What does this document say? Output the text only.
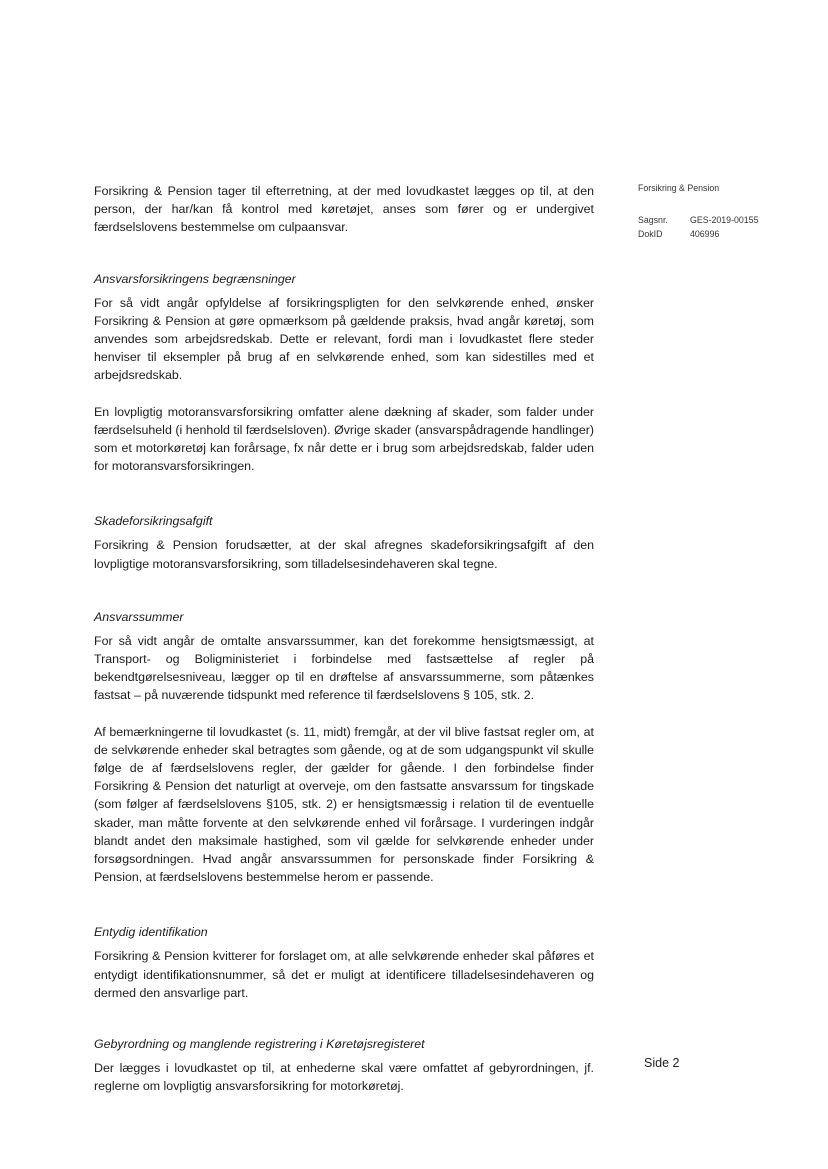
Forsikring & Pension tager til efterretning, at der med lovudkastet lægges op til, at den person, der har/kan få kontrol med køretøjet, anses som fører og er undergivet færdselslovens bestemmelse om culpaansvar.

Ansvarsforsikringens begrænsninger

For så vidt angår opfyldelse af forsikringspligten for den selvkørende enhed, ønsker Forsikring & Pension at gøre opmærksom på gældende praksis, hvad angår køretøj, som anvendes som arbejdsredskab. Dette er relevant, fordi man i lovudkastet flere steder henviser til eksempler på brug af en selvkørende enhed, som kan sidestilles med et arbejdsredskab.

En lovpligtig motoransvarsforsikring omfatter alene dækning af skader, som falder under færdselsuheld (i henhold til færdselsloven). Øvrige skader (ansvarspådragende handlinger) som et motorkøretøj kan forårsage, fx når dette er i brug som arbejdsredskab, falder uden for motoransvarsforsikringen.

Skadeforsikringsafgift

Forsikring & Pension forudsætter, at der skal afregnes skadeforsikringsafgift af den lovpligtige motoransvarsforsikring, som tilladelsesindehaveren skal tegne.

Ansvarssummer

For så vidt angår de omtalte ansvarssummer, kan det forekomme hensigtsmæssigt, at Transport- og Boligministeriet i forbindelse med fastsættelse af regler på bekendtgørelsesniveau, lægger op til en drøftelse af ansvarssummerne, som påtænkes fastsat – på nuværende tidspunkt med reference til færdselslovens § 105, stk. 2.

Af bemærkningerne til lovudkastet (s. 11, midt) fremgår, at der vil blive fastsat regler om, at de selvkørende enheder skal betragtes som gående, og at de som udgangspunkt vil skulle følge de af færdselslovens regler, der gælder for gående. I den forbindelse finder Forsikring & Pension det naturligt at overveje, om den fastsatte ansvarssum for tingskade (som følger af færdselslovens §105, stk. 2) er hensigtsmæssig i relation til de eventuelle skader, man måtte forvente at den selvkørende enhed vil forårsage. I vurderingen indgår blandt andet den maksimale hastighed, som vil gælde for selvkørende enheder under forsøgsordningen. Hvad angår ansvarssummen for personskade finder Forsikring & Pension, at færdselslovens bestemmelse herom er passende.

Entydig identifikation

Forsikring & Pension kvitterer for forslaget om, at alle selvkørende enheder skal påføres et entydigt identifikationsnummer, så det er muligt at identificere tilladelsesindehaveren og dermed den ansvarlige part.

Gebyrordning og manglende registrering i Køretøjsregisteret

Der lægges i lovudkastet op til, at enhederne skal være omfattet af gebyrordningen, jf. reglerne om lovpligtig ansvarsforsikring for motorkøretøj.

Forsikring & Pension

Sagsnr.	GES-2019-00155
DokID	406996
Side 2
